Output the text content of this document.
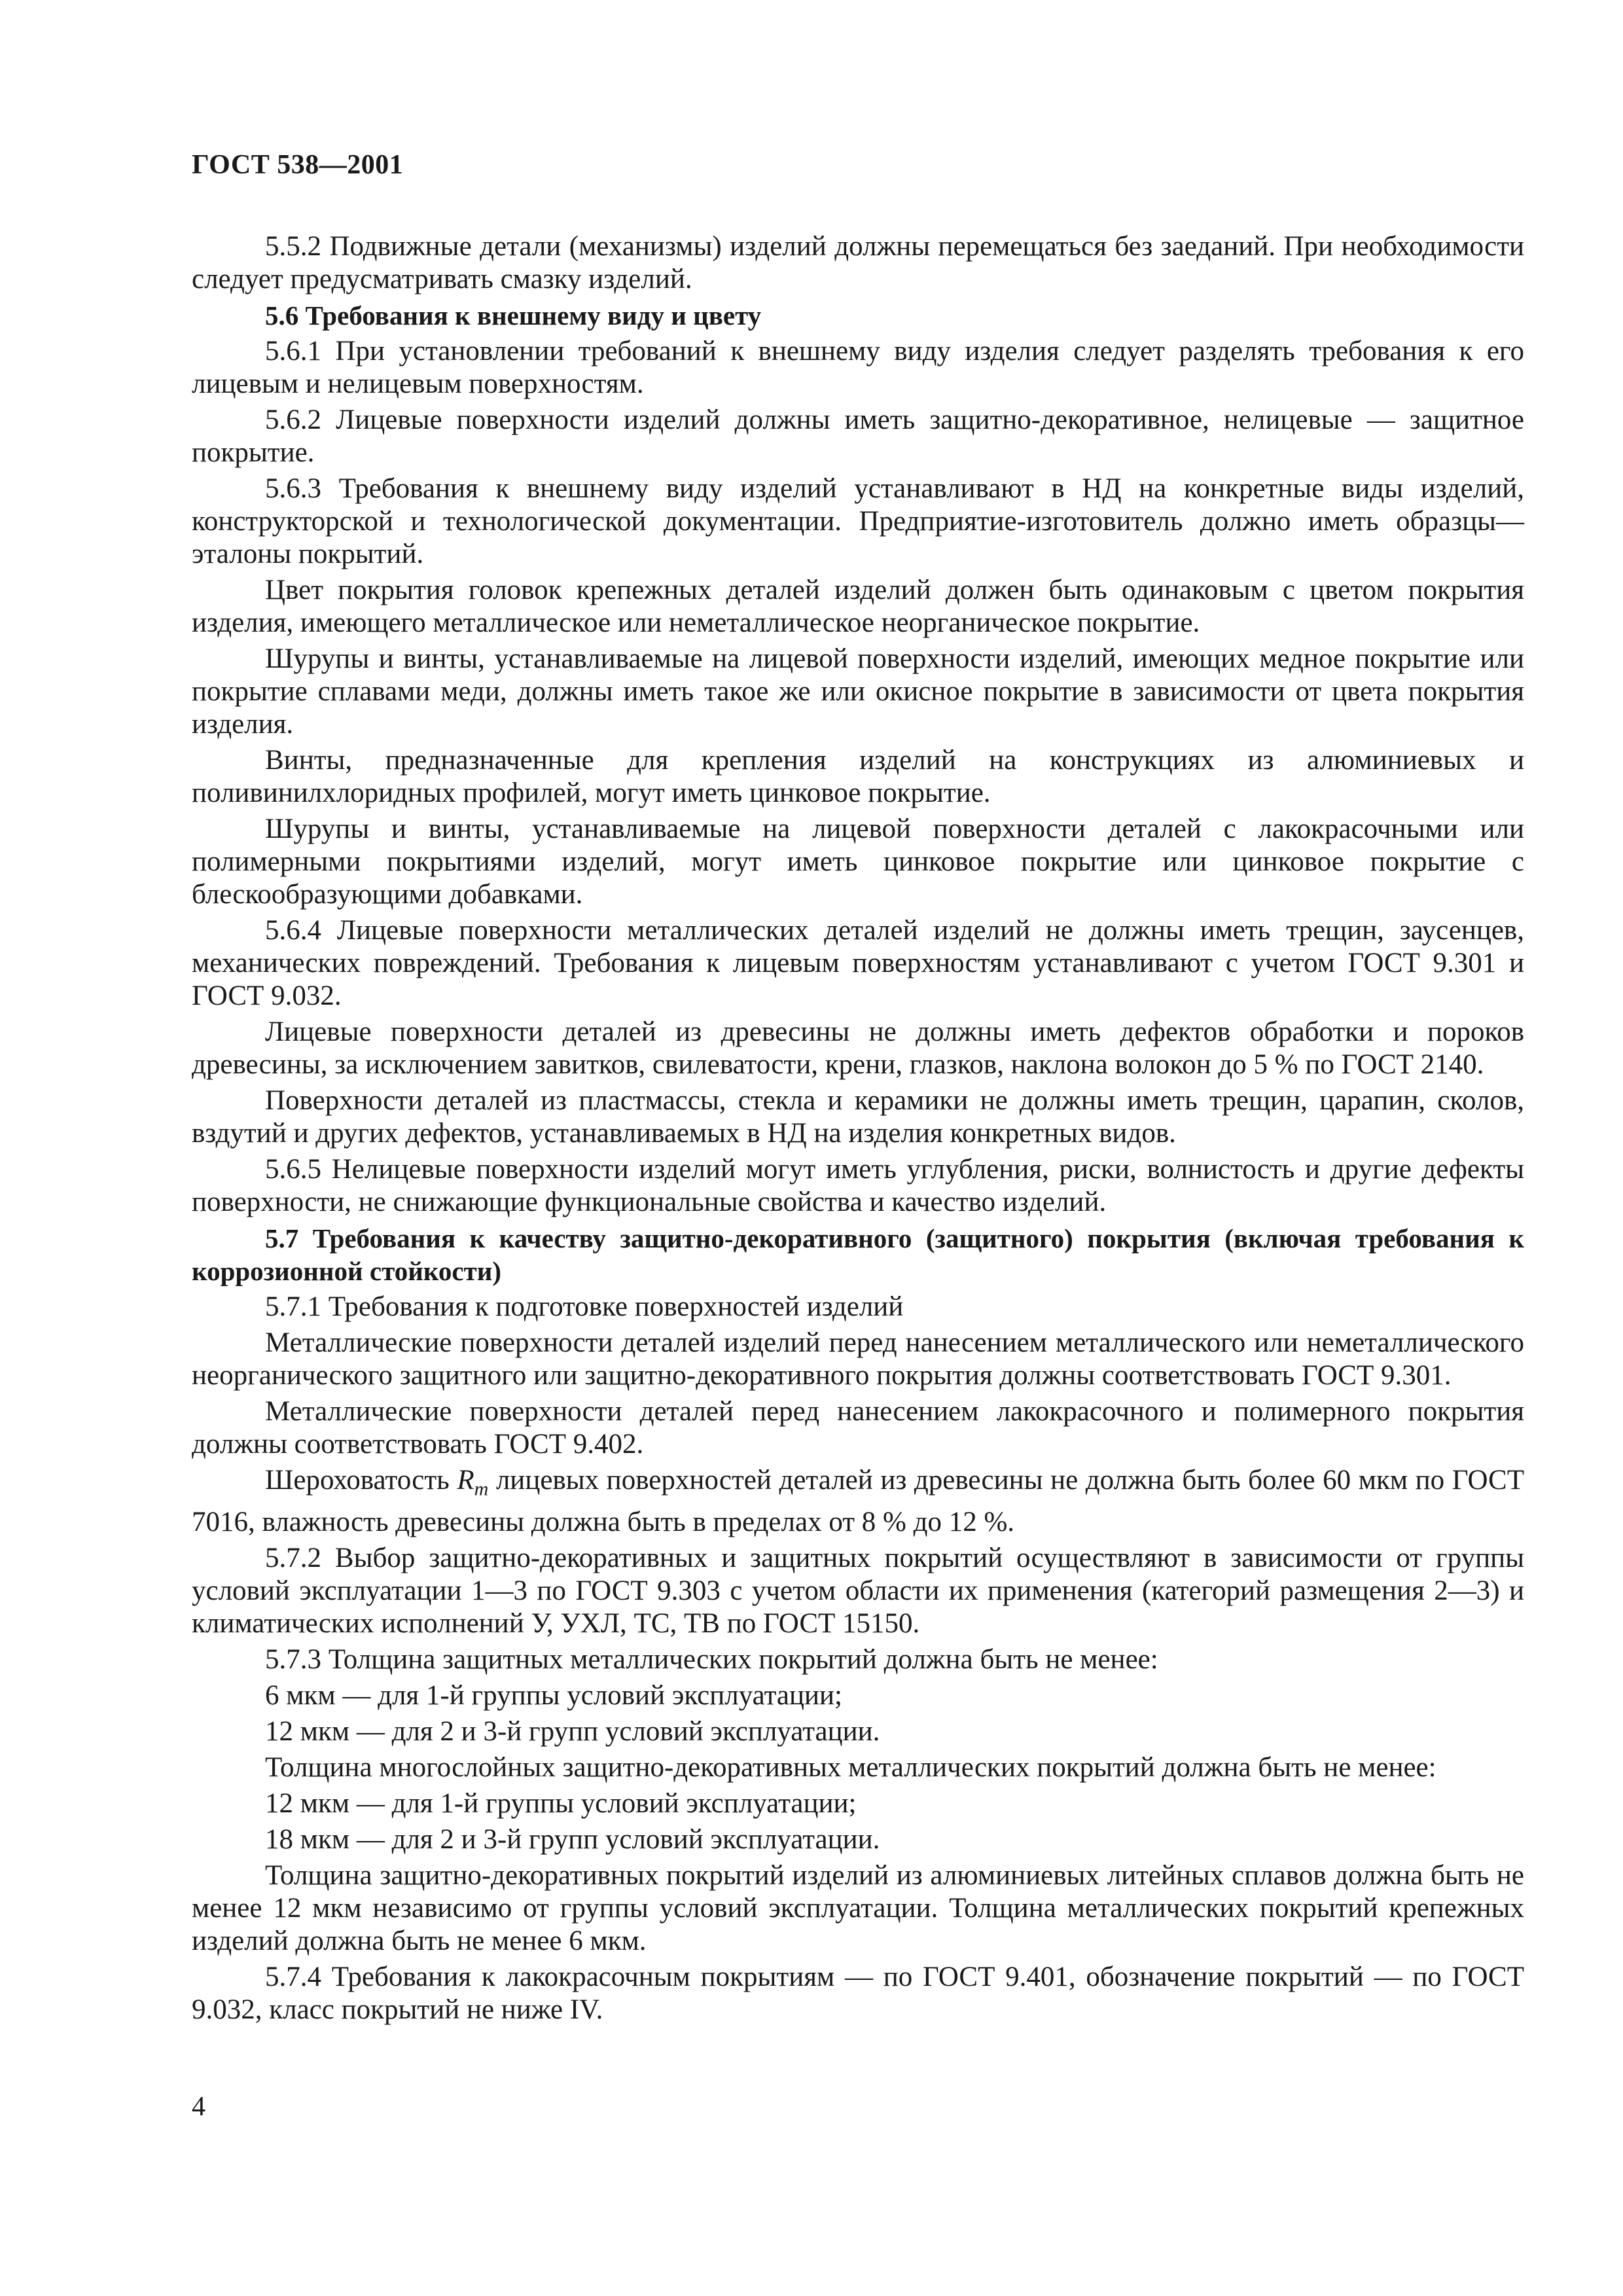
ГОСТ 538—2001

5.5.2 Подвижные детали (механизмы) изделий должны перемещаться без заеданий. При необходимости следует предусматривать смазку изделий.

5.6 Требования к внешнему виду и цвету

5.6.1 При установлении требований к внешнему виду изделия следует разделять требования к его лицевым и нелицевым поверхностям.

5.6.2 Лицевые поверхности изделий должны иметь защитно-декоративное, нелицевые — защитное покрытие.

5.6.3 Требования к внешнему виду изделий устанавливают в НД на конкретные виды изделий, конструкторской и технологической документации. Предприятие-изготовитель должно иметь образцы—эталоны покрытий.

Цвет покрытия головок крепежных деталей изделий должен быть одинаковым с цветом покрытия изделия, имеющего металлическое или неметаллическое неорганическое покрытие.

Шурупы и винты, устанавливаемые на лицевой поверхности изделий, имеющих медное покрытие или покрытие сплавами меди, должны иметь такое же или окисное покрытие в зависимости от цвета покрытия изделия.

Винты, предназначенные для крепления изделий на конструкциях из алюминиевых и поливинилхлоридных профилей, могут иметь цинковое покрытие.

Шурупы и винты, устанавливаемые на лицевой поверхности деталей с лакокрасочными или полимерными покрытиями изделий, могут иметь цинковое покрытие или цинковое покрытие с блескообразующими добавками.

5.6.4 Лицевые поверхности металлических деталей изделий не должны иметь трещин, заусенцев, механических повреждений. Требования к лицевым поверхностям устанавливают с учетом ГОСТ 9.301 и ГОСТ 9.032.

Лицевые поверхности деталей из древесины не должны иметь дефектов обработки и пороков древесины, за исключением завитков, свилеватости, крени, глазков, наклона волокон до 5 % по ГОСТ 2140.

Поверхности деталей из пластмассы, стекла и керамики не должны иметь трещин, царапин, сколов, вздутий и других дефектов, устанавливаемых в НД на изделия конкретных видов.

5.6.5 Нелицевые поверхности изделий могут иметь углубления, риски, волнистость и другие дефекты поверхности, не снижающие функциональные свойства и качество изделий.

5.7 Требования к качеству защитно-декоративного (защитного) покрытия (включая требования к коррозионной стойкости)

5.7.1 Требования к подготовке поверхностей изделий

Металлические поверхности деталей изделий перед нанесением металлического или неметаллического неорганического защитного или защитно-декоративного покрытия должны соответствовать ГОСТ 9.301.

Металлические поверхности деталей перед нанесением лакокрасочного и полимерного покрытия должны соответствовать ГОСТ 9.402.

Шероховатость $R_m$ лицевых поверхностей деталей из древесины не должна быть более 60 мкм по ГОСТ 7016, влажность древесины должна быть в пределах от 8 % до 12 %.

5.7.2 Выбор защитно-декоративных и защитных покрытий осуществляют в зависимости от группы условий эксплуатации 1—3 по ГОСТ 9.303 с учетом области их применения (категорий размещения 2—3) и климатических исполнений У, УХЛ, ТС, ТВ по ГОСТ 15150.

5.7.3 Толщина защитных металлических покрытий должна быть не менее:

6 мкм — для 1-й группы условий эксплуатации;

12 мкм — для 2 и 3-й групп условий эксплуатации.

Толщина многослойных защитно-декоративных металлических покрытий должна быть не менее:

12 мкм — для 1-й группы условий эксплуатации;

18 мкм — для 2 и 3-й групп условий эксплуатации.

Толщина защитно-декоративных покрытий изделий из алюминиевых литейных сплавов должна быть не менее 12 мкм независимо от группы условий эксплуатации. Толщина металлических покрытий крепежных изделий должна быть не менее 6 мкм.

5.7.4 Требования к лакокрасочным покрытиям — по ГОСТ 9.401, обозначение покрытий — по ГОСТ 9.032, класс покрытий не ниже IV.

4
